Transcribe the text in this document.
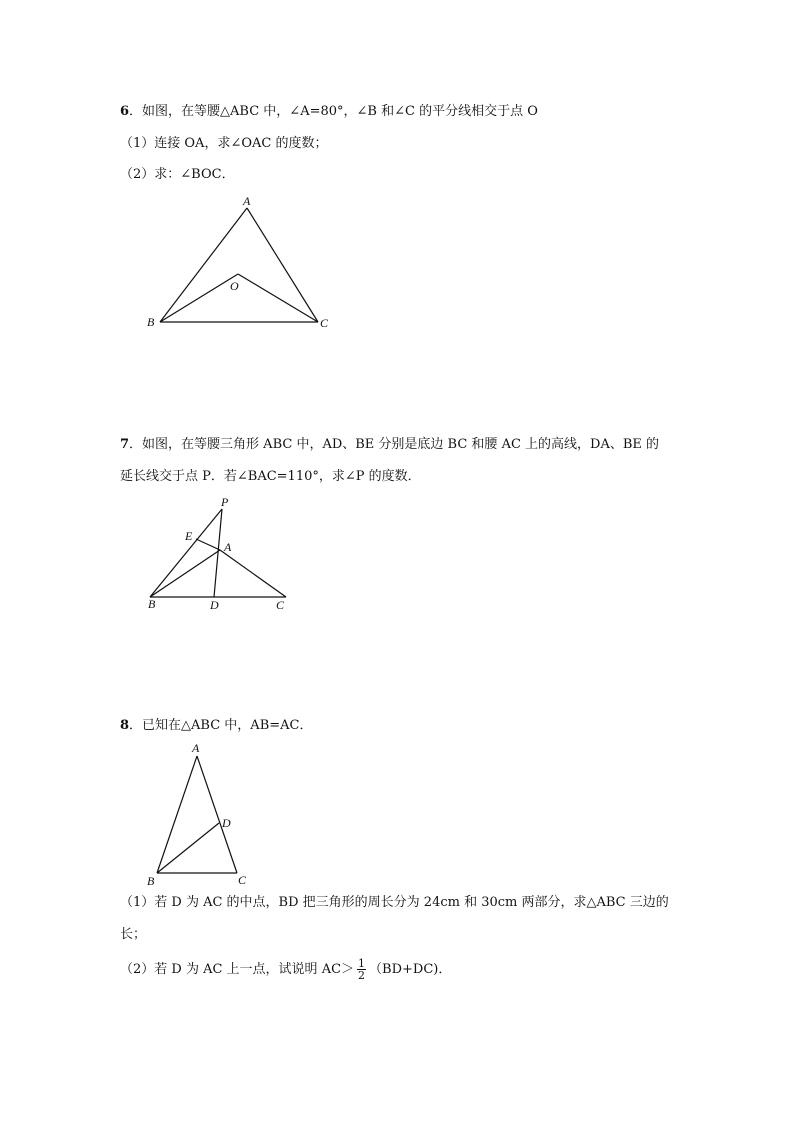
6．如图，在等腰△ABC 中，∠A=80°，∠B 和∠C 的平分线相交于点 O
（1）连接 OA，求∠OAC 的度数；
（2）求：∠BOC．
A
O
B	C
7．如图，在等腰三角形 ABC 中，AD、BE 分别是底边 BC 和腰 AC 上的高线，DA、BE 的
延长线交于点 P．若∠BAC=110°，求∠P 的度数．
P
E
A
B	D	C
8．已知在△ABC 中，AB=AC．
A
D
B	C
（1）若 D 为 AC 的中点，BD 把三角形的周长分为 24cm 和 30cm 两部分，求△ABC 三边的
长；
（2）若 D 为 AC 上一点，试说明 $AC> \frac{1}{2} (BD+DC)$．
